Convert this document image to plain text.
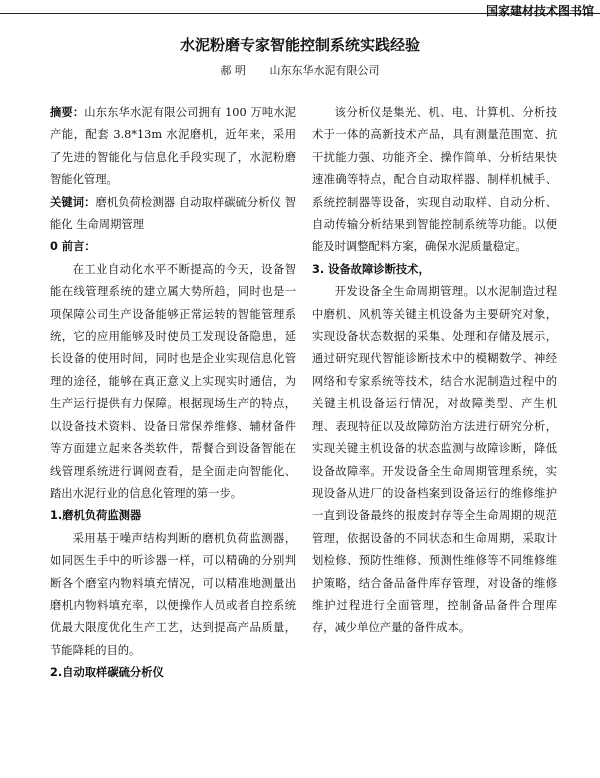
国家建材技术图书馆
水泥粉磨专家智能控制系统实践经验
郝 明 山东东华水泥有限公司

摘要：山东东华水泥有限公司拥有 100 万吨水泥产能，配套 3.8*13m 水泥磨机，近年来，采用了先进的智能化与信息化手段实现了，水泥粉磨智能化管理。

关键词：磨机负荷检测器 自动取样碳硫分析仪 智能化 生命周期管理

0 前言：

在工业自动化水平不断提高的今天，设备智能在线管理系统的建立属大势所趋，同时也是一项保障公司生产设备能够正常运转的智能管理系统，它的应用能够及时使员工发现设备隐患，延长设备的使用时间，同时也是企业实现信息化管理的途径，能够在真正意义上实现实时通信，为生产运行提供有力保障。根据现场生产的特点，以设备技术资料、设备日常保养维修、辅材备件等方面建立起来各类软件，帮餐合到设备智能在线管理系统进行调阅查看，是全面走向智能化、踏出水泥行业的信息化管理的第一步。

1.磨机负荷监测器

采用基于噪声结构判断的磨机负荷监测器，如同医生手中的听诊器一样，可以精确的分别判断各个磨室内物料填充情况，可以精准地测量出磨机内物料填充率，以便操作人员或者自控系统优最大限度优化生产工艺，达到提高产品质量，节能降耗的目的。

2.自动取样碳硫分析仪

该分析仪是集光、机、电、计算机、分析技术于一体的高新技术产品，具有测量范围宽、抗干扰能力强、功能齐全、操作简单、分析结果快速准确等特点，配合自动取样器、制样机械手、系统控制器等设备，实现自动取样、自动分析、自动传输分析结果到智能控制系统等功能。以便能及时调整配料方案，确保水泥质量稳定。

3. 设备故障诊断技术，

开发设备全生命周期管理。以水泥制造过程中磨机、风机等关键主机设备为主要研究对象，实现设备状态数据的采集、处理和存储及展示，通过研究现代智能诊断技术中的模糊数学、神经网络和专家系统等技术，结合水泥制造过程中的关键主机设备运行情况，对故障类型、产生机理、表现特征以及故障防治方法进行研究分析，实现关键主机设备的状态监测与故障诊断，降低设备故障率。开发设备全生命周期管理系统，实现设备从进厂的设备档案到设备运行的维修维护一直到设备最终的报废封存等全生命周期的规范管理，依据设备的不同状态和生命周期，采取计划检修、预防性维修、预测性维修等不同维修维护策略，结合备品备件库存管理，对设备的维修维护过程进行全面管理，控制备品备件合理库存，减少单位产量的备件成本。
